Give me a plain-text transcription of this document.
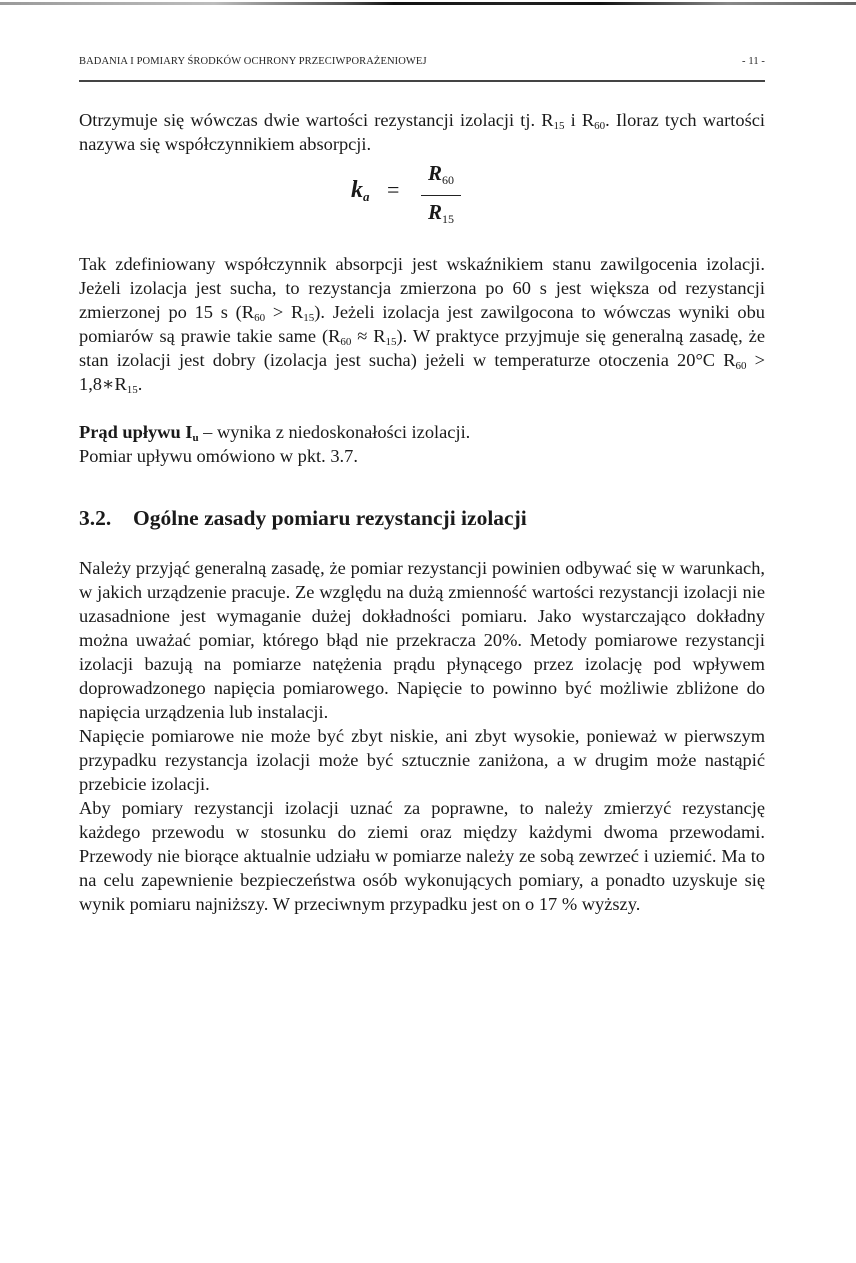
BADANIA I POMIARY ŚRODKÓW OCHRONY PRZECIWPORAŻENIOWEJ	- 11 -

Otrzymuje się wówczas dwie wartości rezystancji izolacji tj. $R_{15}$ i $R_{60}$. Iloraz tych wartości nazywa się współczynnikiem absorpcji.

ka =
R60
R15

Tak zdefiniowany współczynnik absorpcji jest wskaźnikiem stanu zawilgocenia izolacji. Jeżeli izolacja jest sucha, to rezystancja zmierzona po 60 s jest większa od rezystancji zmierzonej po 15 s $(R_{60} > R_{15})$. Jeżeli izolacja jest zawilgocona to wówczas wyniki obu pomiarów są prawie takie same $(R_{60} \approx R_{15})$. W praktyce przyjmuje się generalną zasadę, że stan izolacji jest dobry (izolacja jest sucha) jeżeli w temperaturze otoczenia 20°C $R_{60}$ > $1,8∗R_{15}$.

Prąd upływu $I_u$ – wynika z niedoskonałości izolacji.

Pomiar upływu omówiono w pkt. 3.7.

3.2. Ogólne zasady pomiaru rezystancji izolacji

Należy przyjąć generalną zasadę, że pomiar rezystancji powinien odbywać się w warunkach, w jakich urządzenie pracuje. Ze względu na dużą zmienność wartości rezystancji izolacji nie uzasadnione jest wymaganie dużej dokładności pomiaru. Jako wystarczająco dokładny można uważać pomiar, którego błąd nie przekracza 20%. Metody pomiarowe rezystancji izolacji bazują na pomiarze natężenia prądu płynącego przez izolację pod wpływem doprowadzonego napięcia pomiarowego. Napięcie to powinno być możliwie zbliżone do napięcia urządzenia lub instalacji.

Napięcie pomiarowe nie może być zbyt niskie, ani zbyt wysokie, ponieważ w pierwszym przypadku rezystancja izolacji może być sztucznie zaniżona, a w drugim może nastąpić przebicie izolacji.

Aby pomiary rezystancji izolacji uznać za poprawne, to należy zmierzyć rezystancję każdego przewodu w stosunku do ziemi oraz między każdymi dwoma przewodami. Przewody nie biorące aktualnie udziału w pomiarze należy ze sobą zewrzeć i uziemić. Ma to na celu zapewnienie bezpieczeństwa osób wykonujących pomiary, a ponadto uzyskuje się wynik pomiaru najniższy. W przeciwnym przypadku jest on o 17 % wyższy.
